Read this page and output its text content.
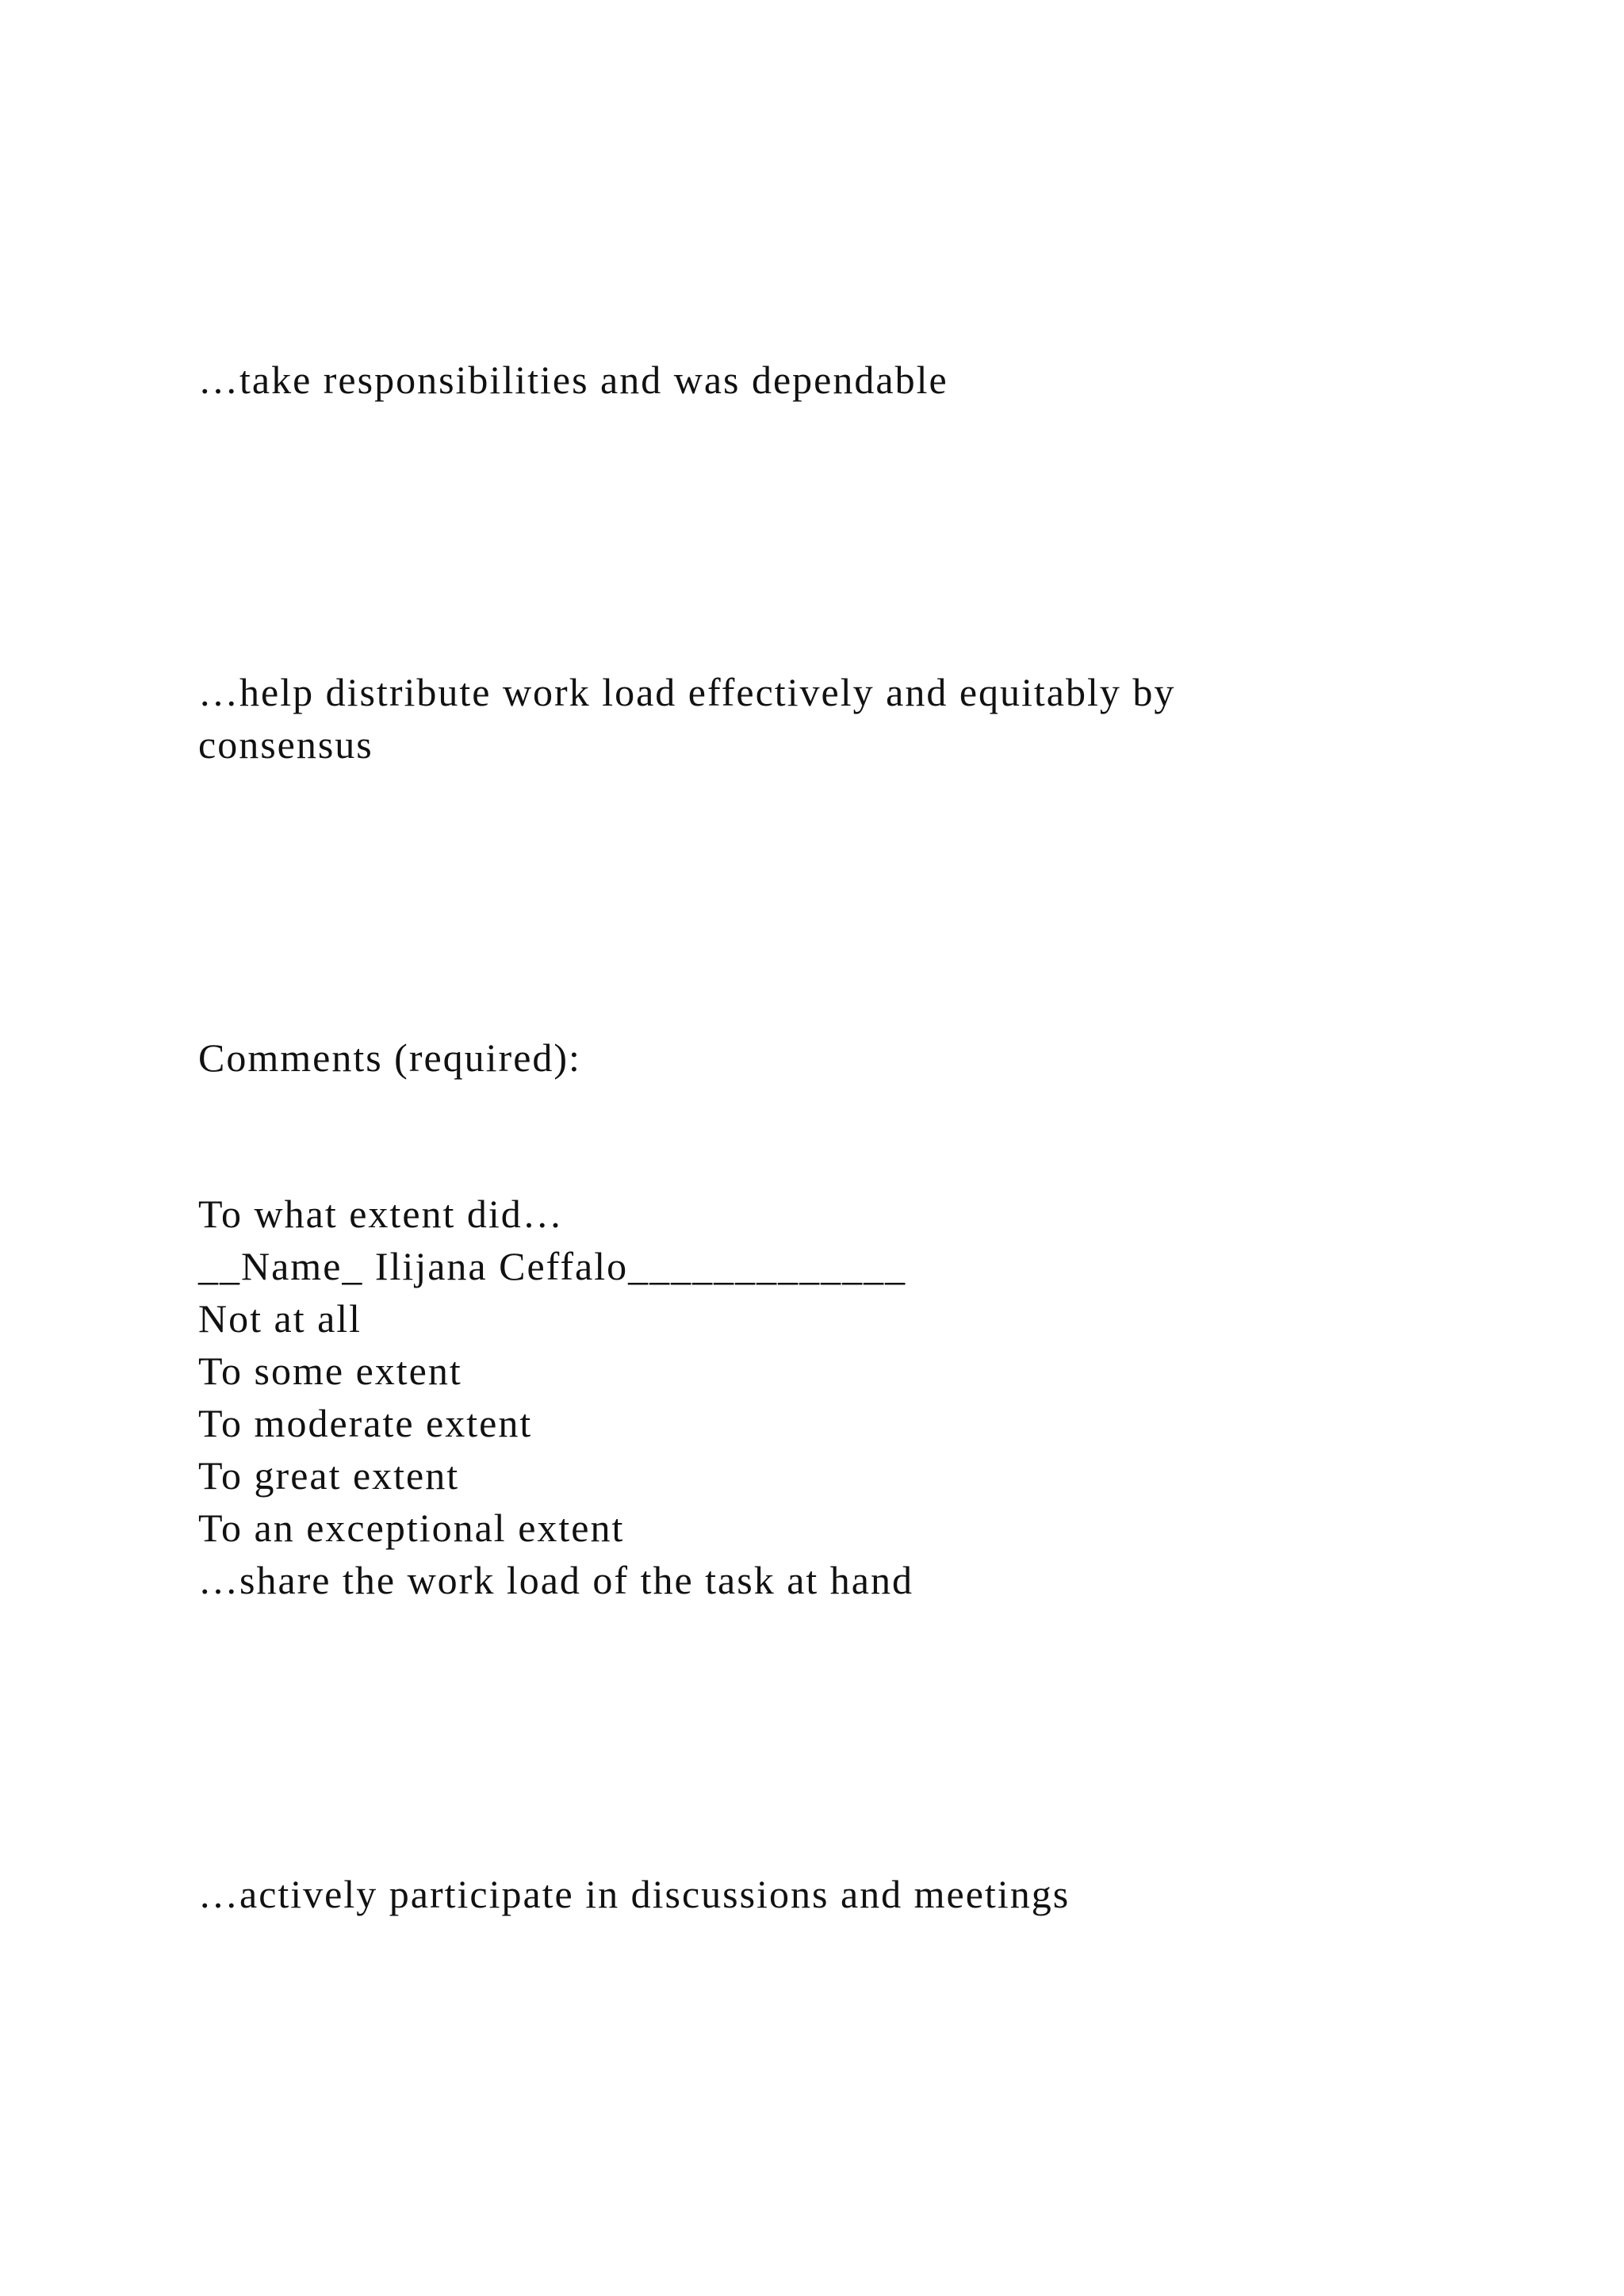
…take responsibilities and was dependable
…help distribute work load effectively and equitably by
consensus
Comments (required):
To what extent did…
__Name_ Ilijana Ceffalo_____________
Not at all
To some extent
To moderate extent
To great extent
To an exceptional extent
…share the work load of the task at hand
…actively participate in discussions and meetings
